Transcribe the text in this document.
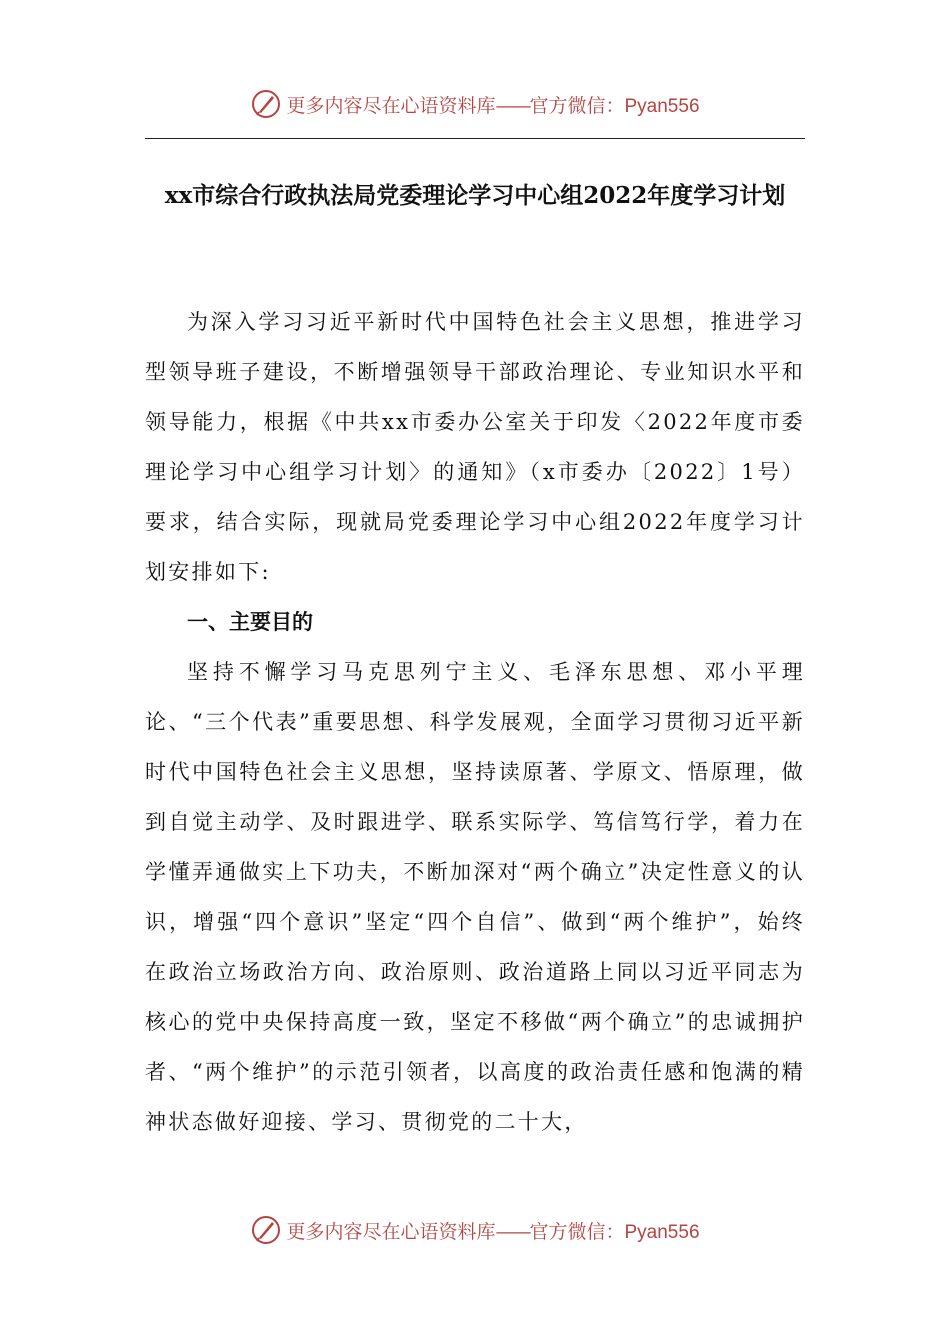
更多内容尽在心语资料库——官方微信：Pyan556
xx市综合行政执法局党委理论学习中心组2022年度学习计划

为深入学习习近平新时代中国特色社会主义思想，推进学习型领导班子建设，不断增强领导干部政治理论、专业知识水平和领导能力，根据《中共xx市委办公室关于印发〈2022年度市委理论学习中心组学习计划〉的通知》（x市委办〔2022〕1号）要求，结合实际，现就局党委理论学习中心组2022年度学习计划安排如下:

一、主要目的

坚持不懈学习马克思列宁主义、毛泽东思想、邓小平理论、“三个代表”重要思想、科学发展观，全面学习贯彻习近平新时代中国特色社会主义思想，坚持读原著、学原文、悟原理，做到自觉主动学、及时跟进学、联系实际学、笃信笃行学，着力在学懂弄通做实上下功夫，不断加深对“两个确立”决定性意义的认识，增强“四个意识”坚定“四个自信”、做到“两个维护”，始终在政治立场政治方向、政治原则、政治道路上同以习近平同志为核心的党中央保持高度一致，坚定不移做“两个确立”的忠诚拥护者、“两个维护”的示范引领者，以高度的政治责任感和饱满的精神状态做好迎接、学习、贯彻党的二十大，

更多内容尽在心语资料库——官方微信：Pyan556
